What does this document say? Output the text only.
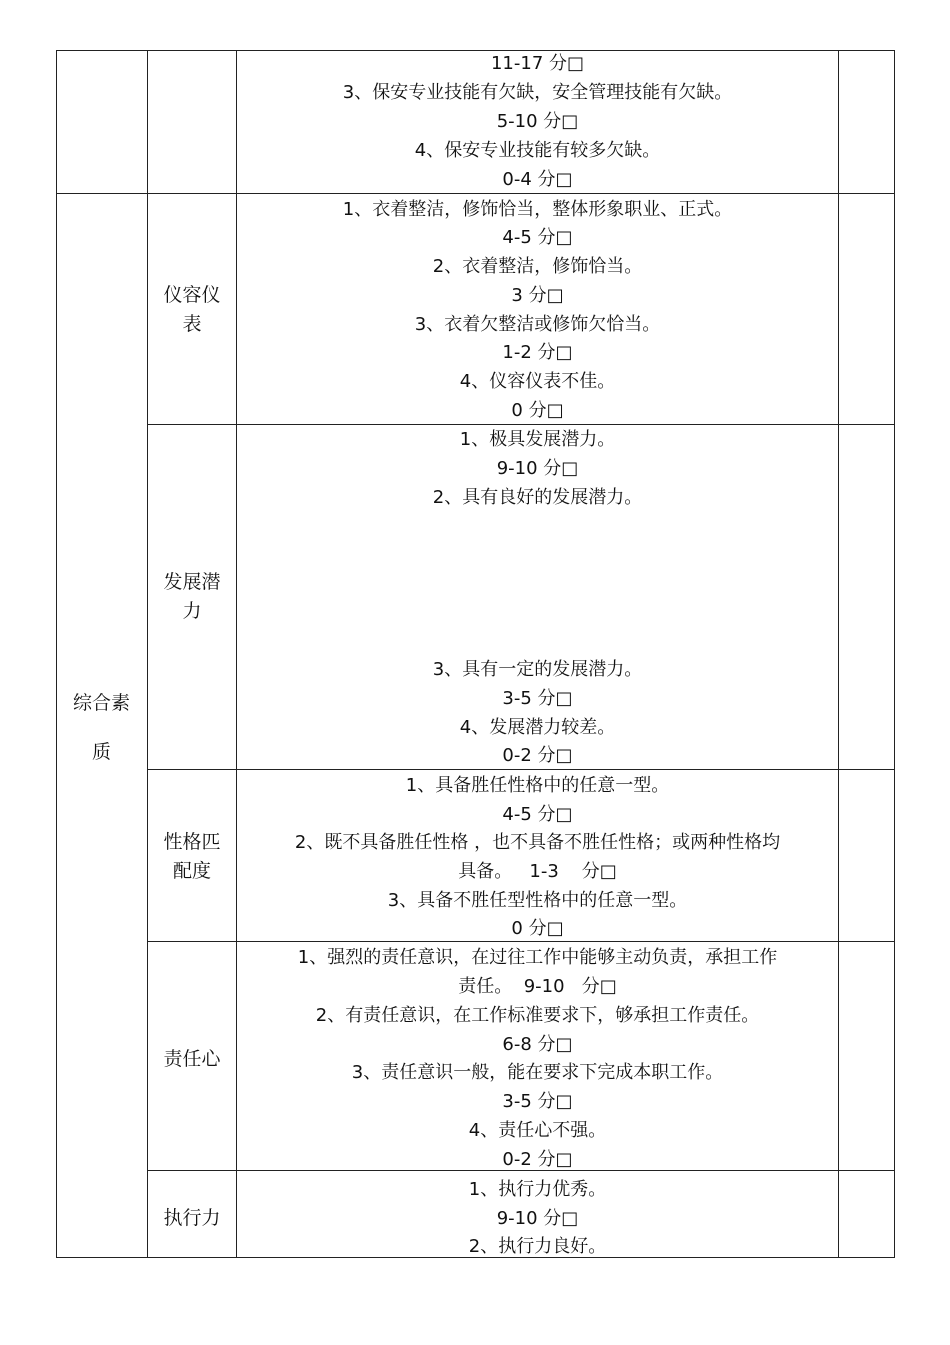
11-17 分□
3、保安专业技能有欠缺，安全管理技能有欠缺。
5-10 分□
4、保安专业技能有较多欠缺。
0-4 分□
综合素
质
仪容仪
表
1、衣着整洁，修饰恰当，整体形象职业、正式。
4-5 分□
2、衣着整洁，修饰恰当。
3 分□
3、衣着欠整洁或修饰欠恰当。
1-2 分□
4、仪容仪表不佳。
0 分□
发展潜
力
1、极具发展潜力。
9-10 分□
2、具有良好的发展潜力。
3、具有一定的发展潜力。
3-5 分□
4、发展潜力较差。
0-2 分□
性格匹
配度
1、具备胜任性格中的任意一型。
4-5 分□
2、既不具备胜任性格 ，也不具备不胜任性格；或两种性格均
具备。   1-3    分□
3、具备不胜任型性格中的任意一型。
0 分□
责任心
1、强烈的责任意识，在过往工作中能够主动负责，承担工作
责任。  9-10   分□
2、有责任意识，在工作标准要求下，够承担工作责任。
6-8 分□
3、责任意识一般，能在要求下完成本职工作。
3-5 分□
4、责任心不强。
0-2 分□
执行力
1、执行力优秀。
9-10 分□
2、执行力良好。
